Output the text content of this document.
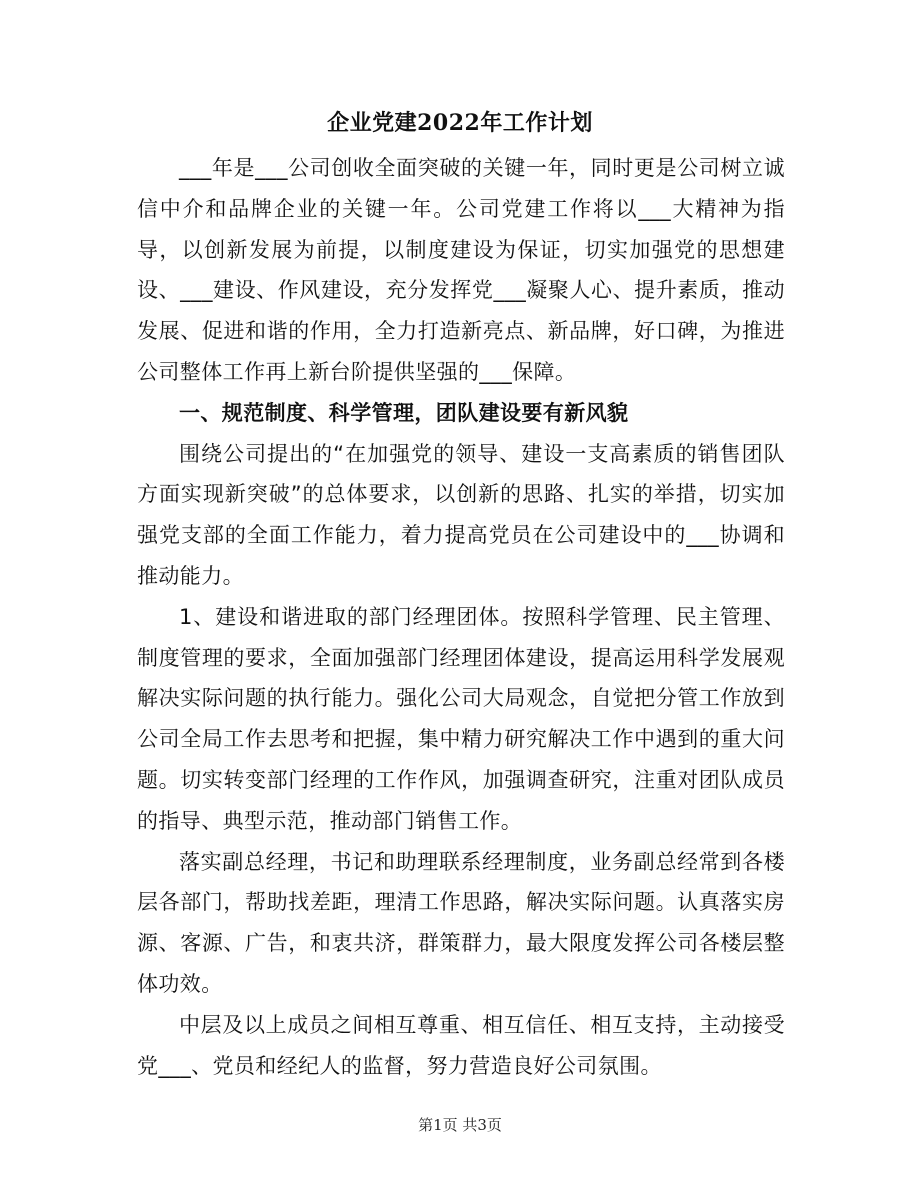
企业党建2022年工作计划

___年是___公司创收全面突破的关键一年，同时更是公司树立诚信中介和品牌企业的关键一年。公司党建工作将以___大精神为指导，以创新发展为前提，以制度建设为保证，切实加强党的思想建设、___建设、作风建设，充分发挥党___凝聚人心、提升素质，推动发展、促进和谐的作用，全力打造新亮点、新品牌，好口碑，为推进公司整体工作再上新台阶提供坚强的___保障。

一、规范制度、科学管理，团队建设要有新风貌

围绕公司提出的“在加强党的领导、建设一支高素质的销售团队方面实现新突破”的总体要求，以创新的思路、扎实的举措，切实加强党支部的全面工作能力，着力提高党员在公司建设中的___协调和推动能力。

1、建设和谐进取的部门经理团体。按照科学管理、民主管理、制度管理的要求，全面加强部门经理团体建设，提高运用科学发展观解决实际问题的执行能力。强化公司大局观念，自觉把分管工作放到公司全局工作去思考和把握，集中精力研究解决工作中遇到的重大问题。切实转变部门经理的工作作风，加强调查研究，注重对团队成员的指导、典型示范，推动部门销售工作。

落实副总经理，书记和助理联系经理制度，业务副总经常到各楼层各部门，帮助找差距，理清工作思路，解决实际问题。认真落实房源、客源、广告，和衷共济，群策群力，最大限度发挥公司各楼层整体功效。

中层及以上成员之间相互尊重、相互信任、相互支持，主动接受党___、党员和经纪人的监督，努力营造良好公司氛围。

第1页 共3页
